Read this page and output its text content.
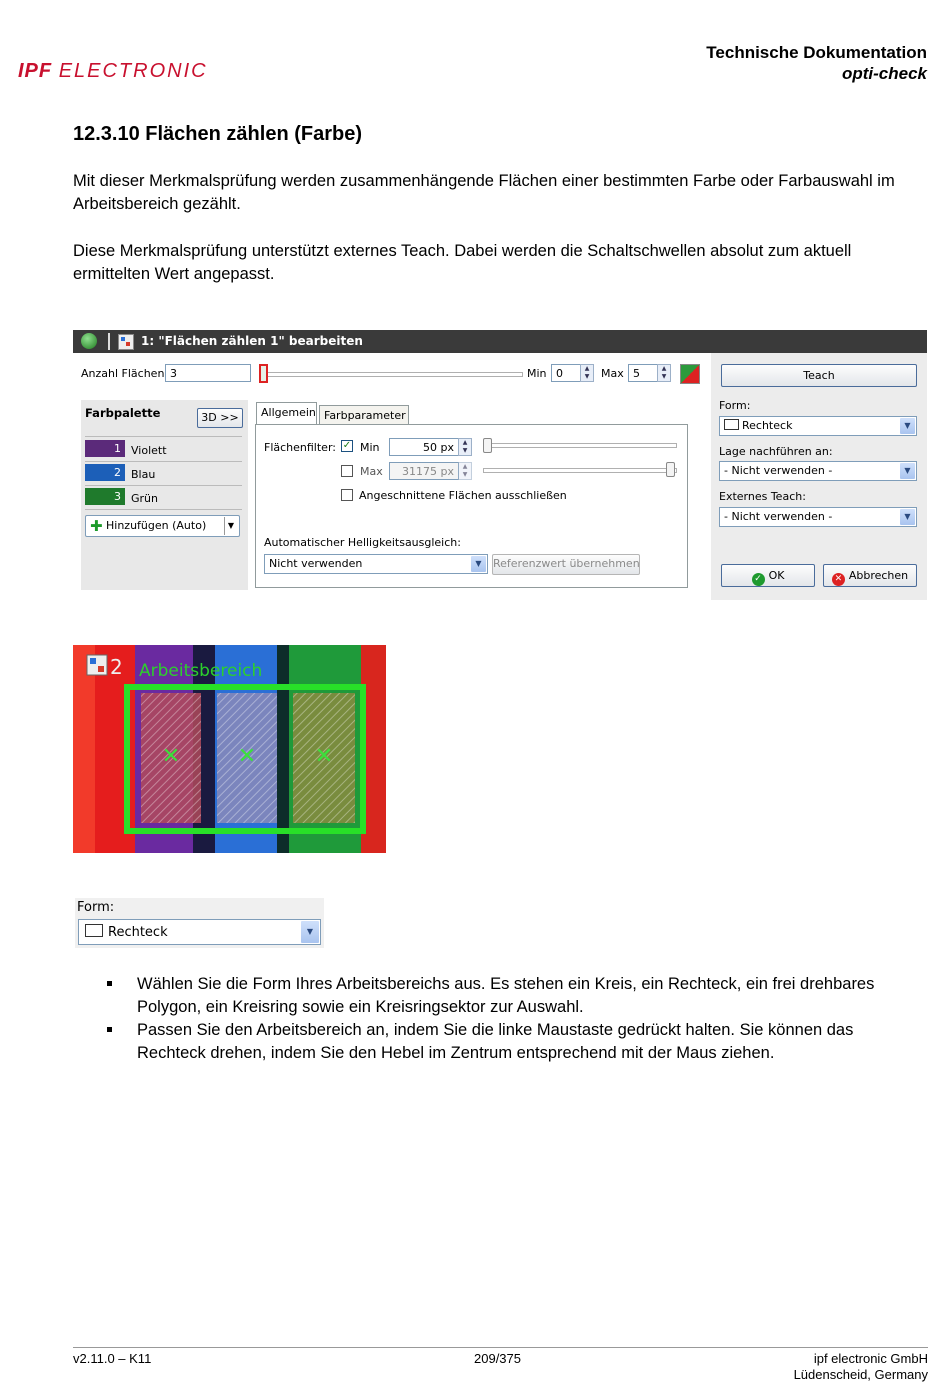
IPF ELECTRONIC
Technische Dokumentation
opti-check
12.3.10 Flächen zählen (Farbe)

Mit dieser Merkmalsprüfung werden zusammenhängende Flächen einer bestimmten Farbe oder Farbauswahl im Arbeitsbereich gezählt.

Diese Merkmalsprüfung unterstützt externes Teach. Dabei werden die Schaltschwellen absolut zum aktuell ermittelten Wert angepasst.

1: "Flächen zählen 1" bearbeiten
Anzahl Flächen 3	Min 0	▲
▼	Max 5	▲
▼
Farbpalette	3D >>
1 Violett
2 Blau
3 Grün
✚ Hinzufügen (Auto)	▼
Allgemein Farbparameter
Flächenfilter: ✓ Min	50 px	▲
▼
Max	31175 px	▲
▼
Angeschnittene Flächen ausschließen
Automatischer Helligkeitsausgleich:
Nicht verwenden	▼	Referenzwert übernehmen
Teach
Form:
Rechteck	▼
Lage nachführen an:
- Nicht verwenden -	▼
Externes Teach:
- Nicht verwenden -	▼
✓ OK	✕ Abbrechen
✕	✕	✕
2 Arbeitsbereich
Form:
Rechteck	▼
Wählen Sie die Form Ihres Arbeitsbereichs aus. Es stehen ein Kreis, ein Rechteck, ein frei drehbares Polygon, ein Kreisring sowie ein Kreisringsektor zur Auswahl.
Passen Sie den Arbeitsbereich an, indem Sie die linke Maustaste gedrückt halten. Sie können das Rechteck drehen, indem Sie den Hebel im Zentrum entsprechend mit der Maus ziehen.
v2.11.0 – K11	209/375	ipf electronic GmbH
Lüdenscheid, Germany
